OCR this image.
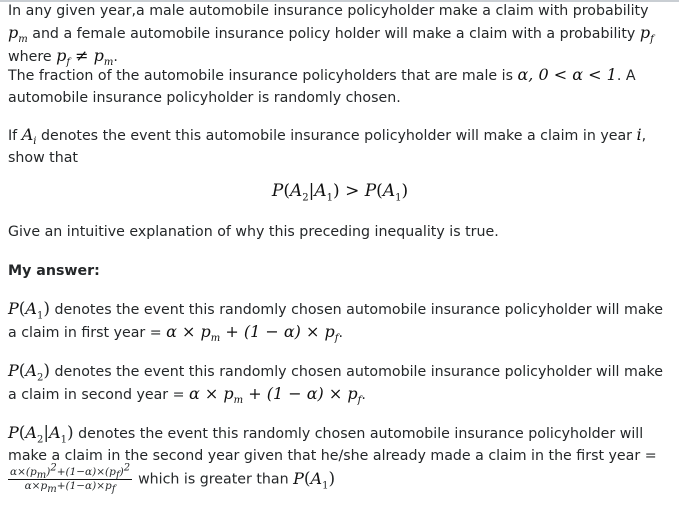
In any given year,a male automobile insurance policyholder make a claim with probability $p_m$ and a female automobile insurance policy holder will make a claim with a probability $p_f$ where $p_f \ne p_m$.

The fraction of the automobile insurance policyholders that are male is α, 0 < α < 1. A automobile insurance policyholder is randomly chosen.

If $A_i$ denotes the event this automobile insurance policyholder will make a claim in year i, show that

$P(A_2|A_1) > P(A_1)$

Give an intuitive explanation of why this preceding inequality is true.

My answer:

$P(A_1)$ denotes the event this randomly chosen automobile insurance policyholder will make a claim in first year = $\alpha \times p_m + (1 - \alpha) \times p_f$.

$P(A_2)$ denotes the event this randomly chosen automobile insurance policyholder will make a claim in second year = $\alpha \times p_m + (1 - \alpha) \times p_f$.

$P(A_2|A_1)$ denotes the event this randomly chosen automobile insurance policyholder will make a claim in the second year given that he/she already made a claim in the first year =

$\frac{\alpha\times(p_m)^2+(1-\alpha)\times(p_f)^2}{\alpha\times p_m+(1-\alpha)\times p_f}$ which is greater than $P(A_1)$
